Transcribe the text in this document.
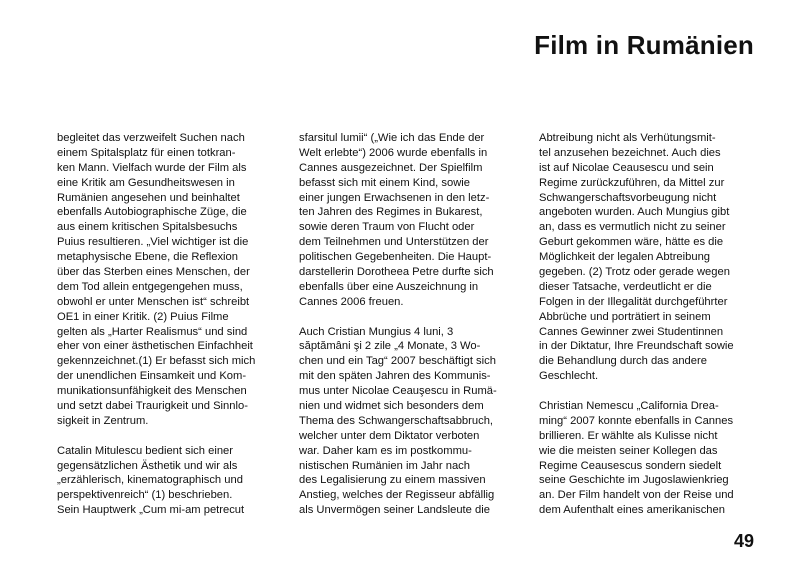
Film in Rumänien
begleitet das verzweifelt Suchen nach
einem Spitalsplatz für einen totkran-
ken Mann. Vielfach wurde der Film als
eine Kritik am Gesundheitswesen in
Rumänien angesehen und beinhaltet
ebenfalls Autobiographische Züge, die
aus einem kritischen Spitalsbesuchs
Puius resultieren. „Viel wichtiger ist die
metaphysische Ebene, die Reflexion
über das Sterben eines Menschen, der
dem Tod allein entgegengehen muss,
obwohl er unter Menschen ist“ schreibt
OE1 in einer Kritik. (2) Puius Filme
gelten als „Harter Realismus“ und sind
eher von einer ästhetischen Einfachheit
gekennzeichnet.(1) Er befasst sich mich
der unendlichen Einsamkeit und Kom-
munikationsunfähigkeit des Menschen
und setzt dabei Traurigkeit und Sinnlo-
sigkeit in Zentrum.
Catalin Mitulescu bedient sich einer
gegensätzlichen Ästhetik und wir als
„erzählerisch, kinematographisch und
perspektivenreich“ (1) beschrieben.
Sein Hauptwerk „Cum mi-am petrecut
sfarsitul lumii“ („Wie ich das Ende der
Welt erlebte“) 2006 wurde ebenfalls in
Cannes ausgezeichnet. Der Spielfilm
befasst sich mit einem Kind, sowie
einer jungen Erwachsenen in den letz-
ten Jahren des Regimes in Bukarest,
sowie deren Traum von Flucht oder
dem Teilnehmen und Unterstützen der
politischen Gegebenheiten. Die Haupt-
darstellerin Dorotheea Petre durfte sich
ebenfalls über eine Auszeichnung in
Cannes 2006 freuen.
Auch Cristian Mungius 4 luni, 3
săptămâni şi 2 zile „4 Monate, 3 Wo-
chen und ein Tag“ 2007 beschäftigt sich
mit den späten Jahren des Kommunis-
mus unter Nicolae Ceauşescu in Rumä-
nien und widmet sich besonders dem
Thema des Schwangerschaftsabbruch,
welcher unter dem Diktator verboten
war. Daher kam es im postkommu-
nistischen Rumänien im Jahr nach
des Legalisierung zu einem massiven
Anstieg, welches der Regisseur abfällig
als Unvermögen seiner Landsleute die
Abtreibung nicht als Verhütungsmit-
tel anzusehen bezeichnet. Auch dies
ist auf Nicolae Ceausescu und sein
Regime zurückzuführen, da Mittel zur
Schwangerschaftsvorbeugung nicht
angeboten wurden. Auch Mungius gibt
an, dass es vermutlich nicht zu seiner
Geburt gekommen wäre, hätte es die
Möglichkeit der legalen Abtreibung
gegeben. (2) Trotz oder gerade wegen
dieser Tatsache, verdeutlicht er die
Folgen in der Illegalität durchgeführter
Abbrüche und porträtiert in seinem
Cannes Gewinner zwei Studentinnen
in der Diktatur, Ihre Freundschaft sowie
die Behandlung durch das andere
Geschlecht.
Christian Nemescu „California Drea-
ming“ 2007 konnte ebenfalls in Cannes
brillieren. Er wählte als Kulisse nicht
wie die meisten seiner Kollegen das
Regime Ceausescus sondern siedelt
seine Geschichte im Jugoslawienkrieg
an. Der Film handelt von der Reise und
dem Aufenthalt eines amerikanischen
49
